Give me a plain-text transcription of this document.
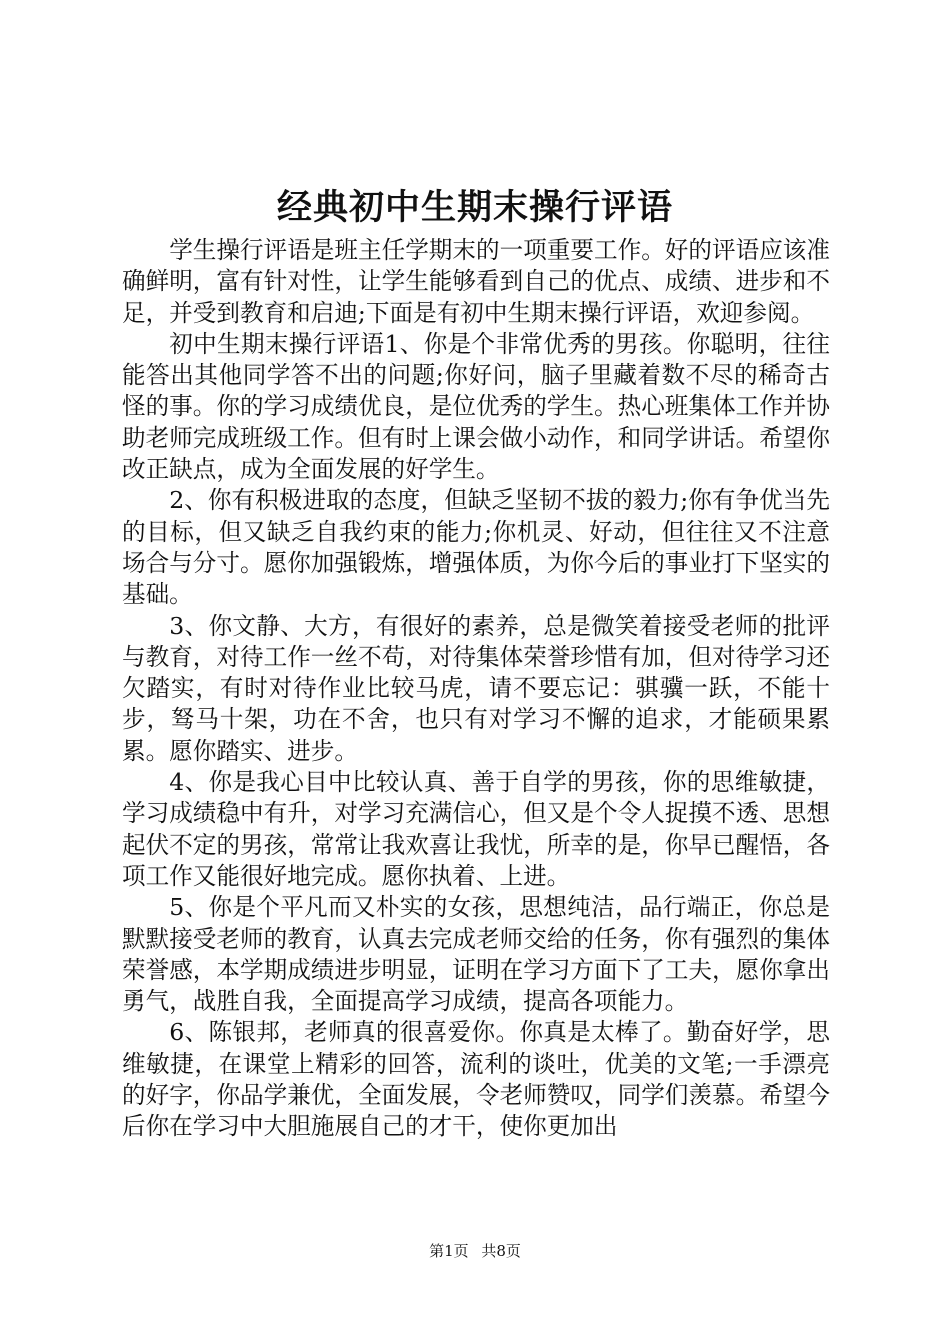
经典初中生期末操行评语

学生操行评语是班主任学期末的一项重要工作。好的评语应该准确鲜明，富有针对性，让学生能够看到自己的优点、成绩、进步和不足，并受到教育和启迪;下面是有初中生期末操行评语，欢迎参阅。

初中生期末操行评语1、你是个非常优秀的男孩。你聪明，往往能答出其他同学答不出的问题;你好问，脑子里藏着数不尽的稀奇古怪的事。你的学习成绩优良，是位优秀的学生。热心班集体工作并协助老师完成班级工作。但有时上课会做小动作，和同学讲话。希望你改正缺点，成为全面发展的好学生。

2、你有积极进取的态度，但缺乏坚韧不拔的毅力;你有争优当先的目标，但又缺乏自我约束的能力;你机灵、好动，但往往又不注意场合与分寸。愿你加强锻炼，增强体质，为你今后的事业打下坚实的基础。

3、你文静、大方，有很好的素养，总是微笑着接受老师的批评与教育，对待工作一丝不苟，对待集体荣誉珍惜有加，但对待学习还欠踏实，有时对待作业比较马虎，请不要忘记：骐骥一跃，不能十步，驽马十架，功在不舍，也只有对学习不懈的追求，才能硕果累累。愿你踏实、进步。

4、你是我心目中比较认真、善于自学的男孩，你的思维敏捷，学习成绩稳中有升，对学习充满信心，但又是个令人捉摸不透、思想起伏不定的男孩，常常让我欢喜让我忧，所幸的是，你早已醒悟，各项工作又能很好地完成。愿你执着、上进。

5、你是个平凡而又朴实的女孩，思想纯洁，品行端正，你总是默默接受老师的教育，认真去完成老师交给的任务，你有强烈的集体荣誉感，本学期成绩进步明显，证明在学习方面下了工夫，愿你拿出勇气，战胜自我，全面提高学习成绩，提高各项能力。

6、陈银邦，老师真的很喜爱你。你真是太棒了。勤奋好学，思维敏捷，在课堂上精彩的回答，流利的谈吐，优美的文笔;一手漂亮的好字，你品学兼优，全面发展，令老师赞叹，同学们羡慕。希望今后你在学习中大胆施展自己的才干，使你更加出

第1页 共8页
